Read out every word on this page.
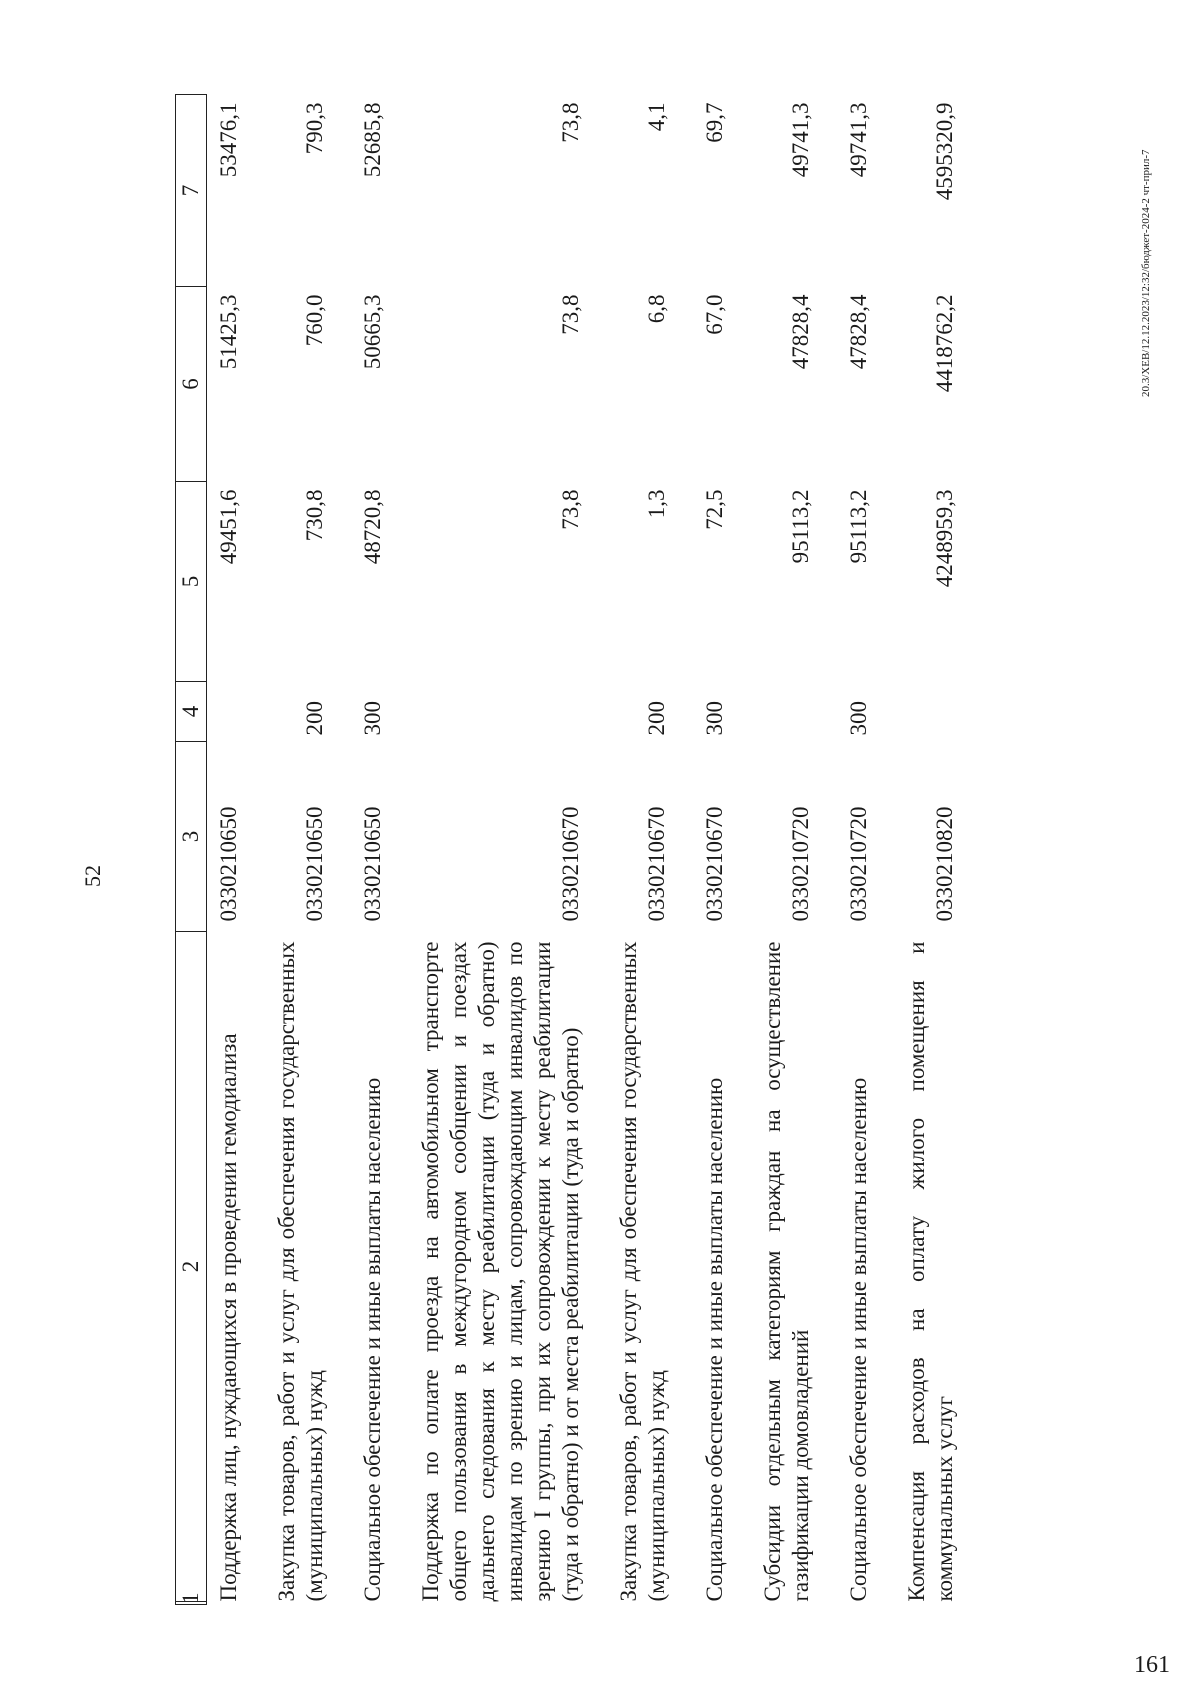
52
1	2	3	4	5	6	7
	Поддержка лиц, нуждающихся в проведении гемодиализа	0330210650		49451,6	51425,3	53476,1
	Закупка товаров, работ и услуг для обеспечения государственных (муниципальных) нужд	0330210650	200	730,8	760,0	790,3
	Социальное обеспечение и иные выплаты населению	0330210650	300	48720,8	50665,3	52685,8
	Поддержка по оплате проезда на автомобильном транспорте общего пользования в междугородном сообщении и поездах дальнего следования к месту реабилитации (туда и обратно) инвалидам по зрению и лицам, сопровождающим инвалидов по зрению I группы, при их сопровождении к месту реабилитации (туда и обратно) и от места реабилитации (туда и обратно)	0330210670		73,8	73,8	73,8
	Закупка товаров, работ и услуг для обеспечения государственных (муниципальных) нужд	0330210670	200	1,3	6,8	4,1
	Социальное обеспечение и иные выплаты населению	0330210670	300	72,5	67,0	69,7
	Субсидии отдельным категориям граждан на осуществление газификации домовладений	0330210720		95113,2	47828,4	49741,3
	Социальное обеспечение и иные выплаты населению	0330210720	300	95113,2	47828,4	49741,3
	Компенсация расходов на оплату жилого помещения и коммунальных услуг	0330210820		4248959,3	4418762,2	4595320,9	20.3/ХЕВ/12.12.2023/12:32/бюджет-2024-2 чт-прил-7
161
